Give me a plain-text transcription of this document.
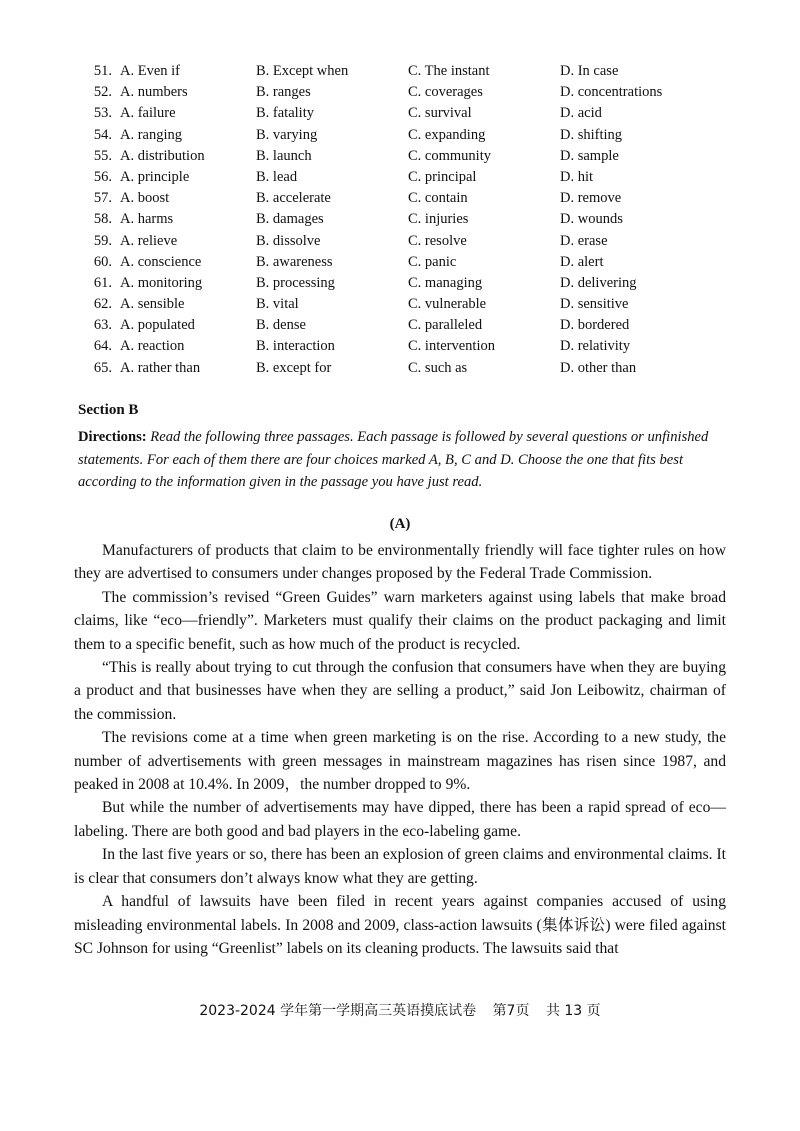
51. A. Even if	B. Except when	C. The instant	D. In case
52. A. numbers	B. ranges	C. coverages	D. concentrations
53. A. failure	B. fatality	C. survival	D. acid
54. A. ranging	B. varying	C. expanding	D. shifting
55. A. distribution	B. launch	C. community	D. sample
56. A. principle	B. lead	C. principal	D. hit
57. A. boost	B. accelerate	C. contain	D. remove
58. A. harms	B. damages	C. injuries	D. wounds
59. A. relieve	B. dissolve	C. resolve	D. erase
60. A. conscience	B. awareness	C. panic	D. alert
61. A. monitoring	B. processing	C. managing	D. delivering
62. A. sensible	B. vital	C. vulnerable	D. sensitive
63. A. populated	B. dense	C. paralleled	D. bordered
64. A. reaction	B. interaction	C. intervention	D. relativity
65. A. rather than	B. except for	C. such as	D. other than
Section B
Directions: Read the following three passages. Each passage is followed by several questions or unfinished statements. For each of them there are four choices marked A, B, C and D. Choose the one that fits best according to the information given in the passage you have just read.
(A)

Manufacturers of products that claim to be environmentally friendly will face tighter rules on how they are advertised to consumers under changes proposed by the Federal Trade Commission.

The commission’s revised “Green Guides” warn marketers against using labels that make broad claims, like “eco—friendly”. Marketers must qualify their claims on the product packaging and limit them to a specific benefit, such as how much of the product is recycled.

“This is really about trying to cut through the confusion that consumers have when they are buying a product and that businesses have when they are selling a product,” said Jon Leibowitz, chairman of the commission.

The revisions come at a time when green marketing is on the rise. According to a new study, the number of advertisements with green messages in mainstream magazines has risen since 1987, and peaked in 2008 at 10.4%. In 2009，the number dropped to 9%.

But while the number of advertisements may have dipped, there has been a rapid spread of eco—labeling. There are both good and bad players in the eco-labeling game.

In the last five years or so, there has been an explosion of green claims and environmental claims. It is clear that consumers don’t always know what they are getting.

A handful of lawsuits have been filed in recent years against companies accused of using misleading environmental labels. In 2008 and 2009, class-action lawsuits (集体诉讼) were filed against SC Johnson for using “Greenlist” labels on its cleaning products. The lawsuits said that

2023-2024 学年第一学期高三英语摸底试卷 第7页 共 13 页
